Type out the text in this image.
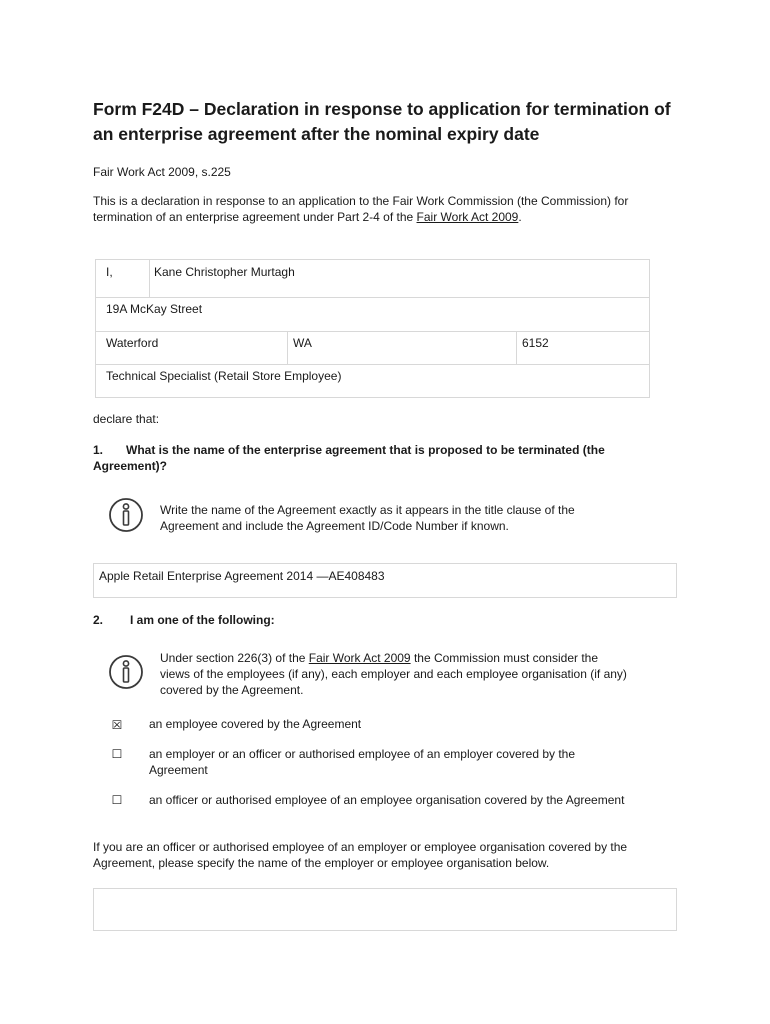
Form F24D – Declaration in response to application for termination of an enterprise agreement after the nominal expiry date
Fair Work Act 2009, s.225
This is a declaration in response to an application to the Fair Work Commission (the Commission) for termination of an enterprise agreement under Part 2-4 of the Fair Work Act 2009.
I,	Kane Christopher Murtagh
19A McKay Street
Waterford	WA	6152
Technical Specialist (Retail Store Employee)
declare that:
1. What is the name of the enterprise agreement that is proposed to be terminated (the Agreement)?
Write the name of the Agreement exactly as it appears in the title clause of the Agreement and include the Agreement ID/Code Number if known.
Apple Retail Enterprise Agreement 2014 —AE408483
2. I am one of the following:
Under section 226(3) of the Fair Work Act 2009 the Commission must consider the views of the employees (if any), each employer and each employee organisation (if any) covered by the Agreement.
☒ an employee covered by the Agreement
☐ an employer or an officer or authorised employee of an employer covered by the Agreement
☐ an officer or authorised employee of an employee organisation covered by the Agreement
If you are an officer or authorised employee of an employer or employee organisation covered by the Agreement, please specify the name of the employer or employee organisation below.
